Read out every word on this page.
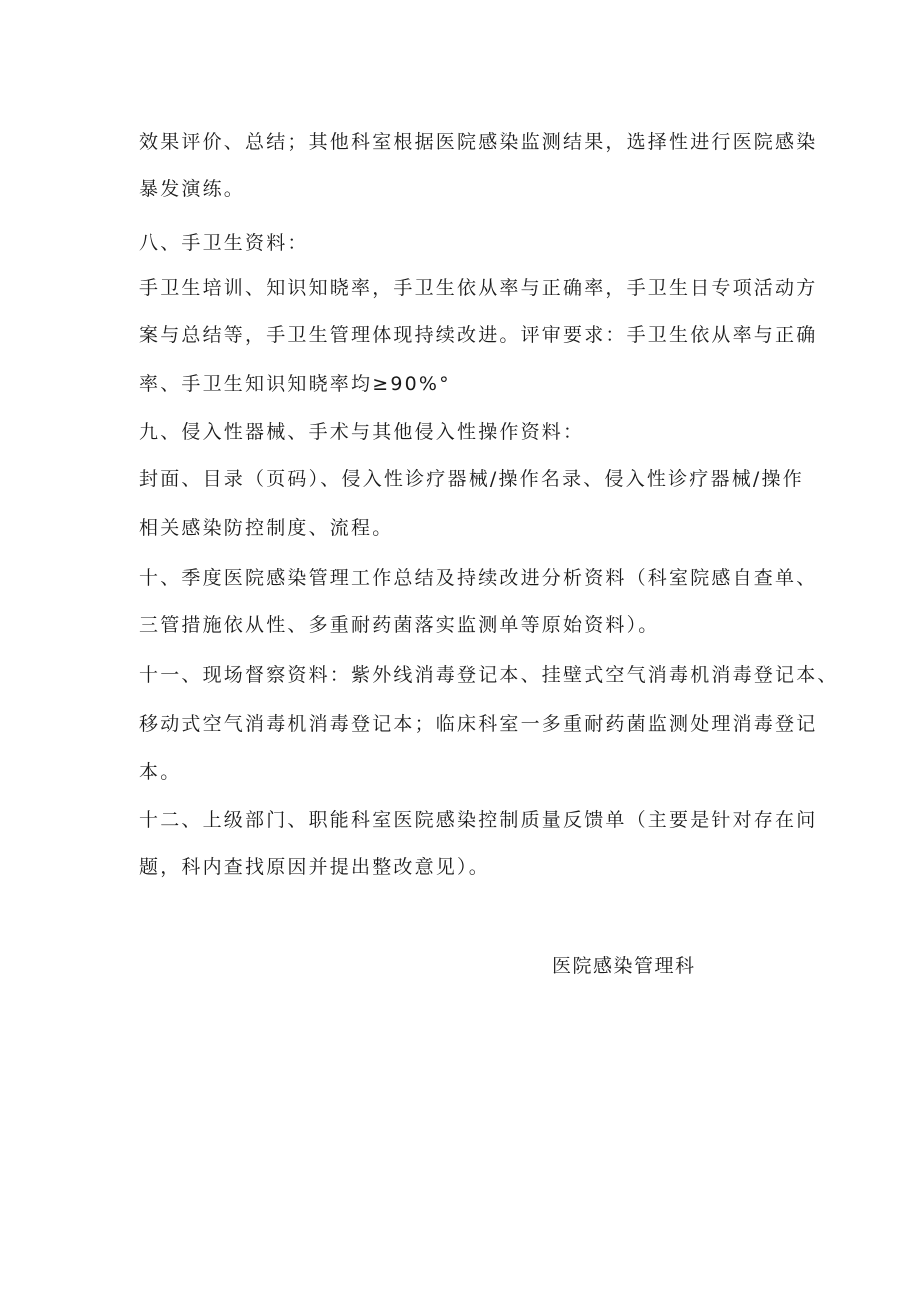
效果评价、总结；其他科室根据医院感染监测结果，选择性进行医院感染
暴发演练。
八、手卫生资料：
手卫生培训、知识知晓率，手卫生依从率与正确率，手卫生日专项活动方
案与总结等，手卫生管理体现持续改进。评审要求：手卫生依从率与正确
率、手卫生知识知晓率均≥90%°
九、侵入性器械、手术与其他侵入性操作资料：
封面、目录（页码）、侵入性诊疗器械/操作名录、侵入性诊疗器械/操作
相关感染防控制度、流程。
十、季度医院感染管理工作总结及持续改进分析资料（科室院感自查单、
三管措施依从性、多重耐药菌落实监测单等原始资料）。
十一、现场督察资料：紫外线消毒登记本、挂壁式空气消毒机消毒登记本、
移动式空气消毒机消毒登记本；临床科室一多重耐药菌监测处理消毒登记
本。
十二、上级部门、职能科室医院感染控制质量反馈单（主要是针对存在问
题，科内查找原因并提出整改意见）。
医院感染管理科
